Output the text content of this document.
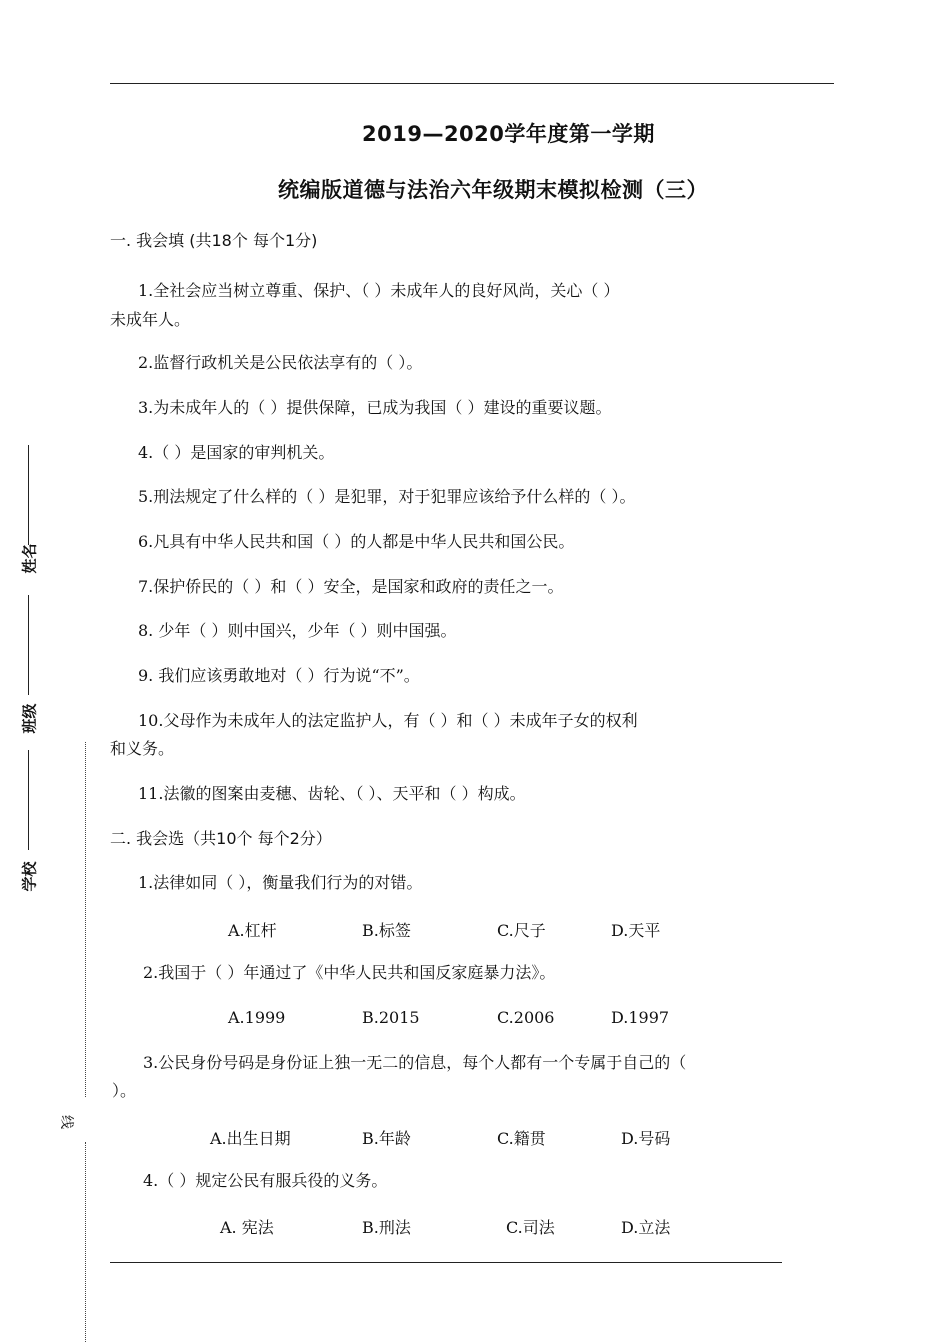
2019—2020学年度第一学期
统编版道德与法治六年级期末模拟检测（三）
姓名
班级
学校
线
一. 我会填 (共18个 每个1分)
1.全社会应当树立尊重、保护、（ ）未成年人的良好风尚，关心（ ）
未成年人。
2.监督行政机关是公民依法享有的（ ）。
3.为未成年人的（ ）提供保障，已成为我国（ ）建设的重要议题。
4.（ ）是国家的审判机关。
5.刑法规定了什么样的（ ）是犯罪，对于犯罪应该给予什么样的（ ）。
6.凡具有中华人民共和国（ ）的人都是中华人民共和国公民。
7.保护侨民的（ ）和（ ）安全，是国家和政府的责任之一。
8. 少年（ ）则中国兴，少年（ ）则中国强。
9. 我们应该勇敢地对（ ）行为说“不”。
10.父母作为未成年人的法定监护人，有（ ）和（ ）未成年子女的权利
和义务。
11.法徽的图案由麦穗、齿轮、（ ）、天平和（ ）构成。
二. 我会选（共10个 每个2分）
1.法律如同（ ），衡量我们行为的对错。
A.杠杆	B.标签	C.尺子	D.天平
2.我国于（ ）年通过了《中华人民共和国反家庭暴力法》。
A.1999	B.2015	C.2006	D.1997
3.公民身份号码是身份证上独一无二的信息，每个人都有一个专属于自己的（
）。
A.出生日期	B.年龄	C.籍贯	D.号码
4.（ ）规定公民有服兵役的义务。
A. 宪法	B.刑法	C.司法	D.立法
